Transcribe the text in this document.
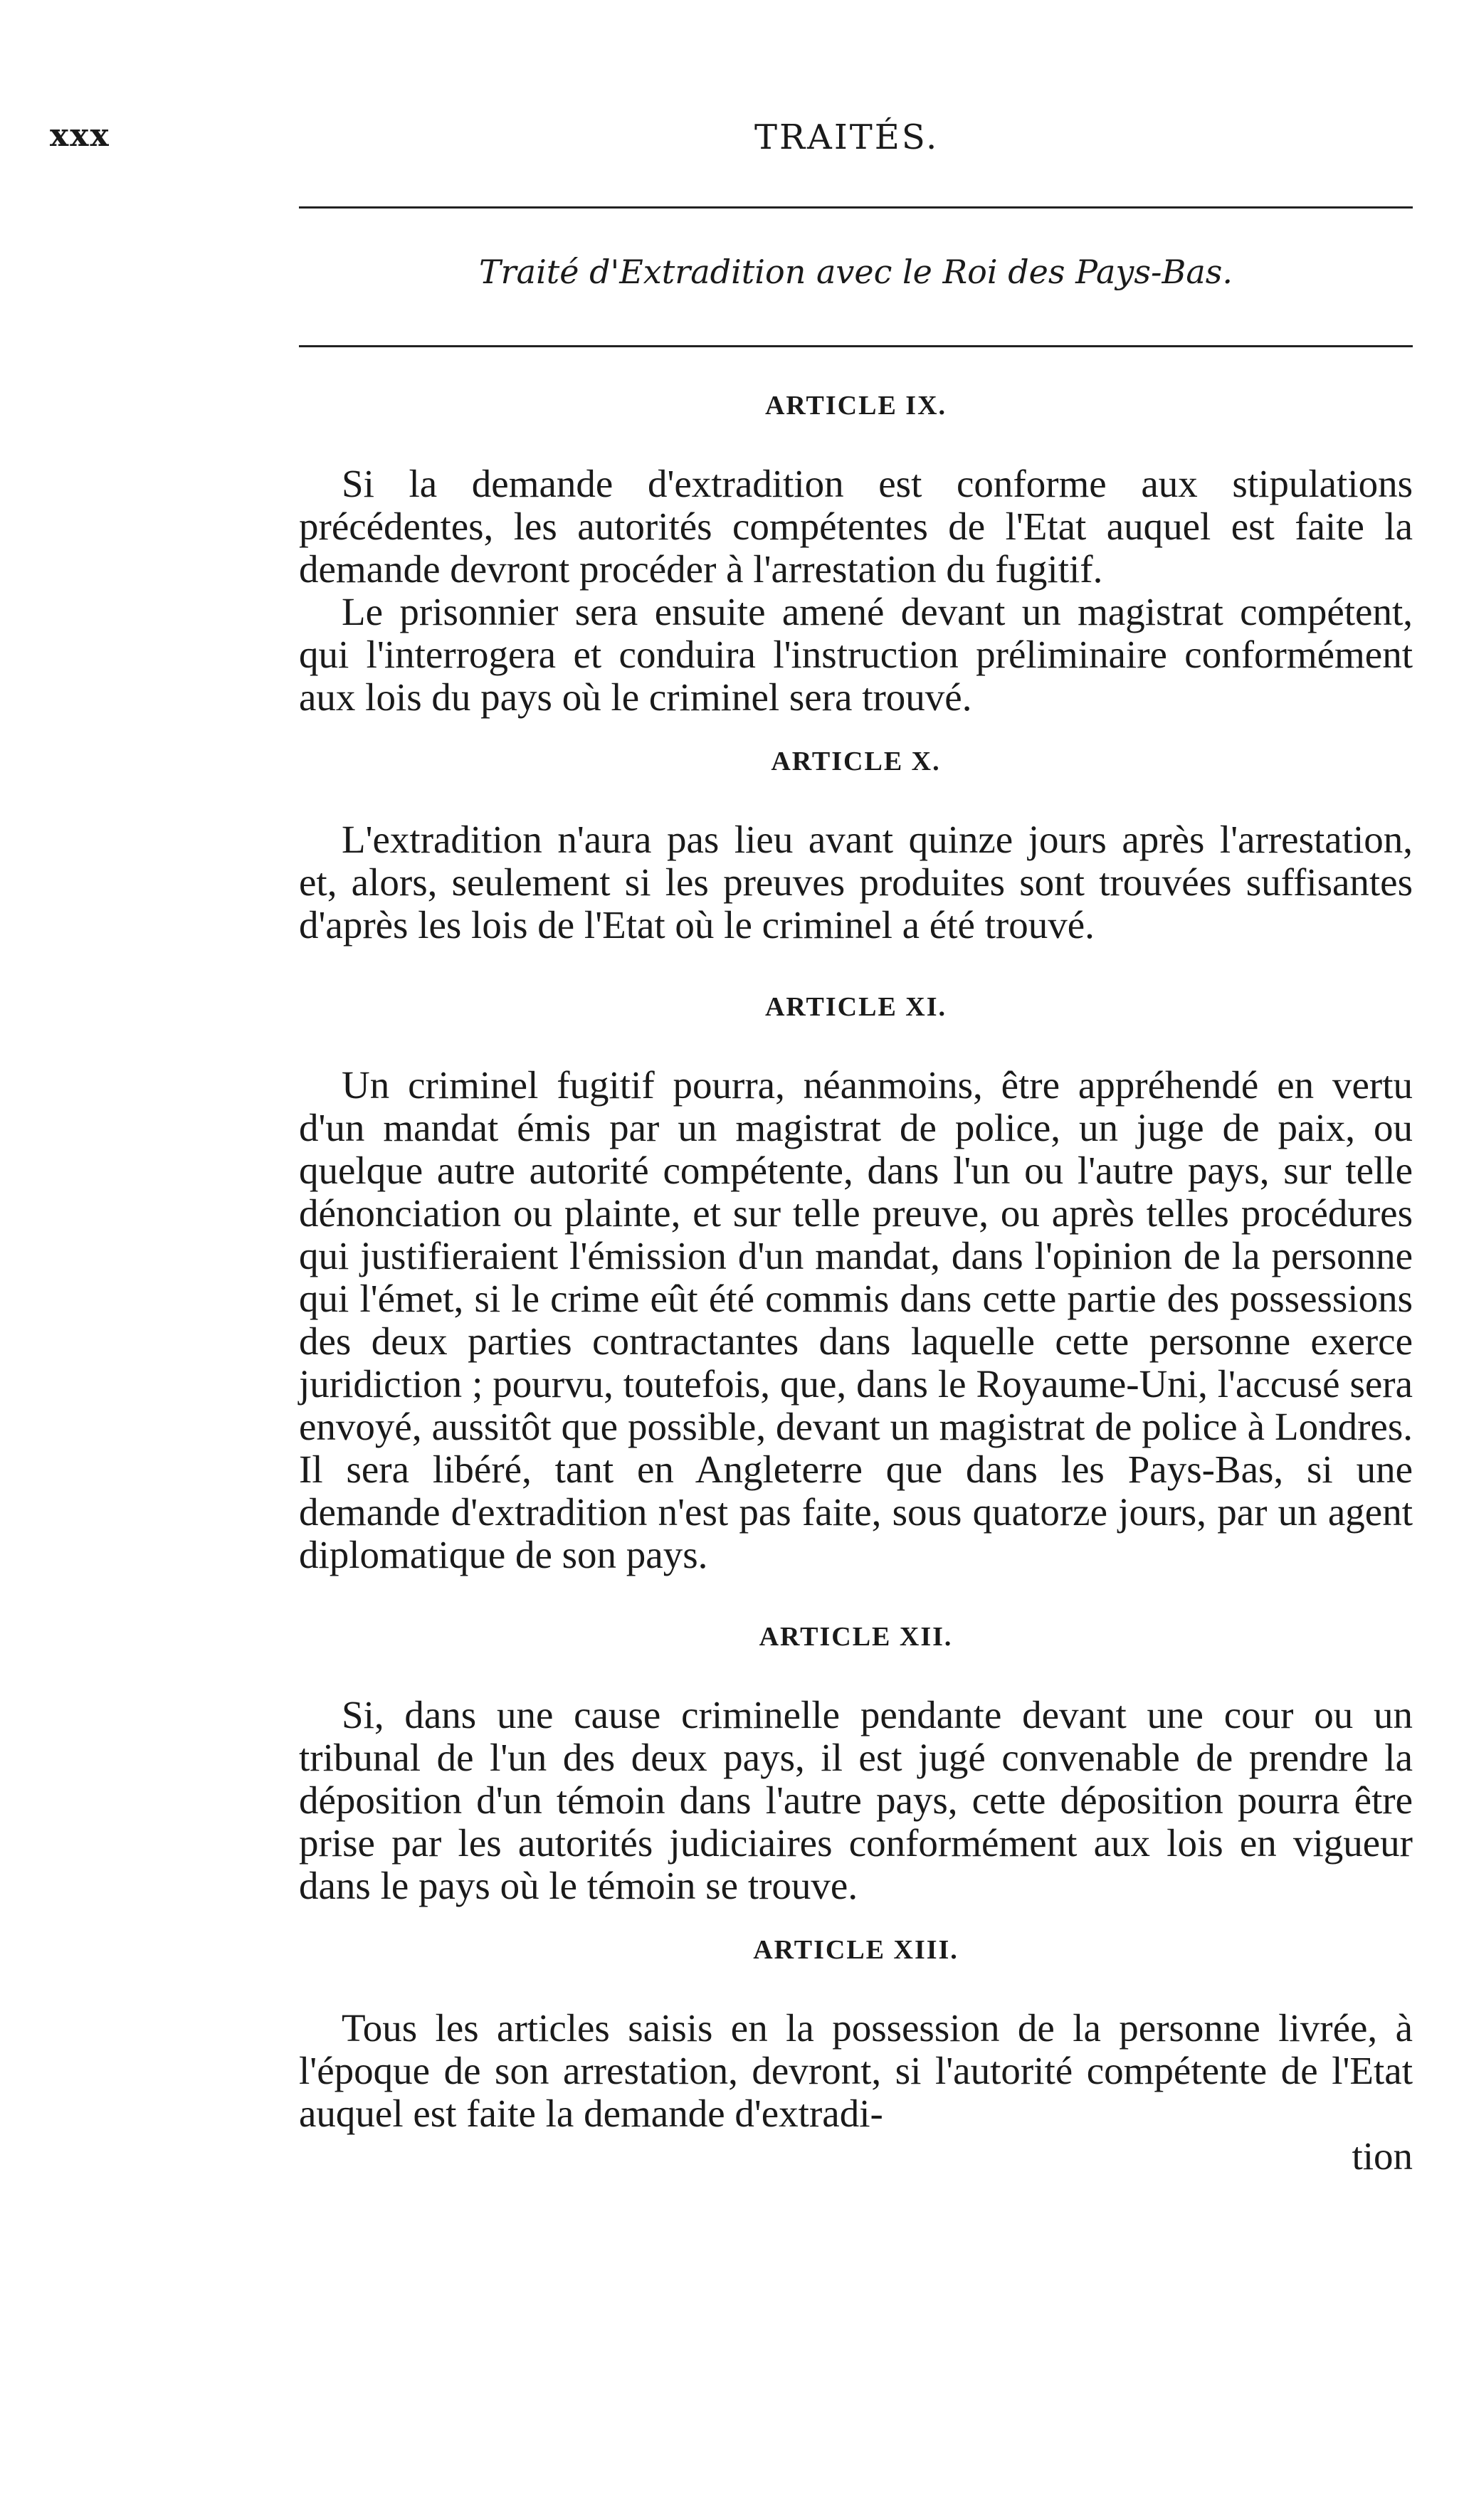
xxx	TRAITÉS.
Traité d'Extradition avec le Roi des Pays-Bas.
ARTICLE IX.

Si la demande d'extradition est conforme aux stipulations précédentes, les autorités compétentes de l'Etat auquel est faite la demande devront procéder à l'arrestation du fugitif.
Le prisonnier sera ensuite amené devant un magistrat compétent, qui l'interrogera et conduira l'instruction préliminaire conformément aux lois du pays où le criminel sera trouvé.

ARTICLE X.

L'extradition n'aura pas lieu avant quinze jours après l'arrestation, et, alors, seulement si les preuves produites sont trouvées suffisantes d'après les lois de l'Etat où le criminel a été trouvé.

ARTICLE XI.

Un criminel fugitif pourra, néanmoins, être appréhendé en vertu d'un mandat émis par un magistrat de police, un juge de paix, ou quelque autre autorité compétente, dans l'un ou l'autre pays, sur telle dénonciation ou plainte, et sur telle preuve, ou après telles procédures qui justifieraient l'émission d'un mandat, dans l'opinion de la personne qui l'émet, si le crime eût été commis dans cette partie des possessions des deux parties contractantes dans laquelle cette personne exerce juridiction ; pourvu, toutefois, que, dans le Royaume-Uni, l'accusé sera envoyé, aussitôt que possible, devant un magistrat de police à Londres. Il sera libéré, tant en Angleterre que dans les Pays-Bas, si une demande d'extradition n'est pas faite, sous quatorze jours, par un agent diplomatique de son pays.

ARTICLE XII.

Si, dans une cause criminelle pendante devant une cour ou un tribunal de l'un des deux pays, il est jugé convenable de prendre la déposition d'un témoin dans l'autre pays, cette déposition pourra être prise par les autorités judiciaires conformément aux lois en vigueur dans le pays où le témoin se trouve.

ARTICLE XIII.

Tous les articles saisis en la possession de la personne livrée, à l'époque de son arrestation, devront, si l'autorité compétente de l'Etat auquel est faite la demande d'extradi-

tion
